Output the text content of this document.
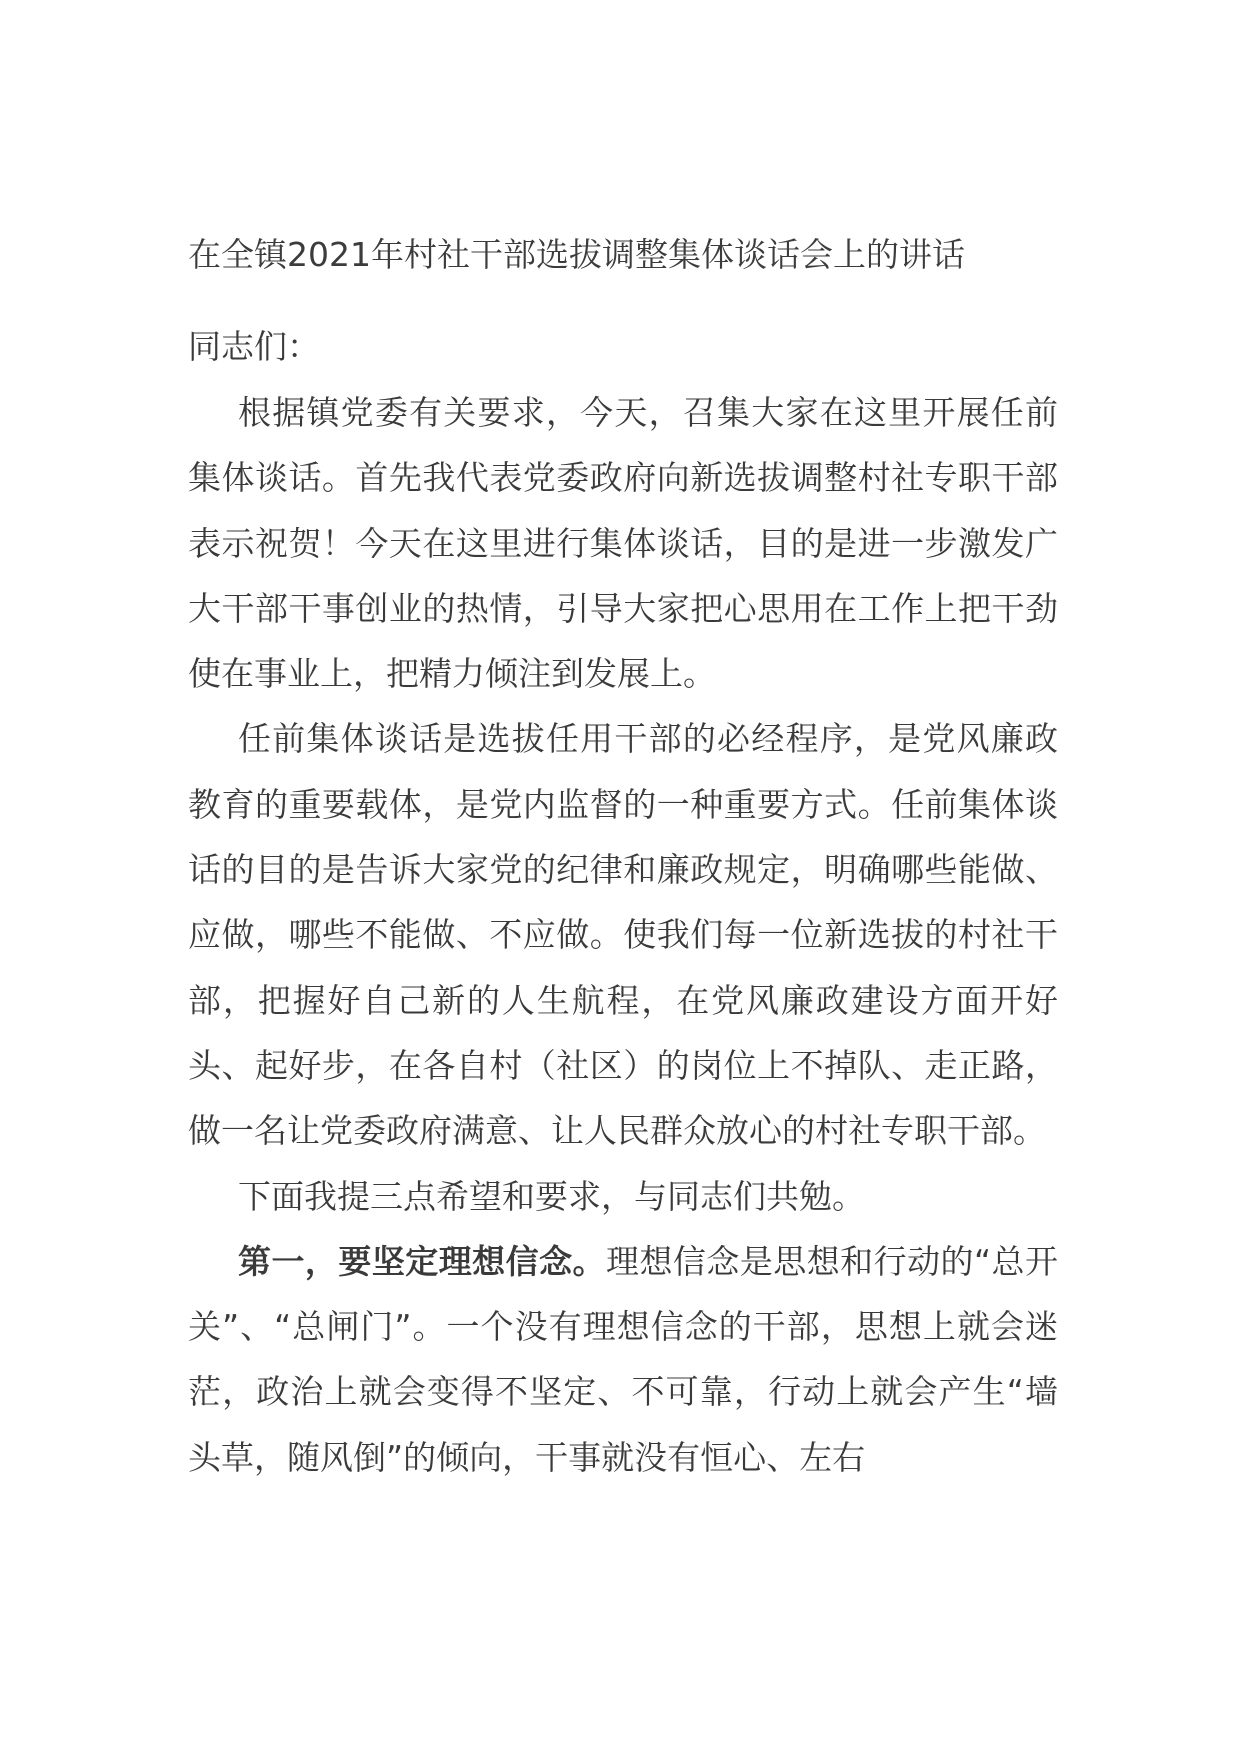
在全镇2021年村社干部选拔调整集体谈话会上的讲话
同志们：

根据镇党委有关要求，今天，召集大家在这里开展任前集体谈话。首先我代表党委政府向新选拔调整村社专职干部表示祝贺！今天在这里进行集体谈话，目的是进一步激发广大干部干事创业的热情，引导大家把心思用在工作上把干劲使在事业上，把精力倾注到发展上。

任前集体谈话是选拔任用干部的必经程序，是党风廉政教育的重要载体，是党内监督的一种重要方式。任前集体谈话的目的是告诉大家党的纪律和廉政规定，明确哪些能做、应做，哪些不能做、不应做。使我们每一位新选拔的村社干部，把握好自己新的人生航程，在党风廉政建设方面开好头、起好步，在各自村（社区）的岗位上不掉队、走正路，做一名让党委政府满意、让人民群众放心的村社专职干部。

下面我提三点希望和要求，与同志们共勉。

第一，要坚定理想信念。理想信念是思想和行动的“总开关”、“总闸门”。一个没有理想信念的干部，思想上就会迷茫，政治上就会变得不坚定、不可靠，行动上就会产生“墙头草，随风倒”的倾向，干事就没有恒心、左右
